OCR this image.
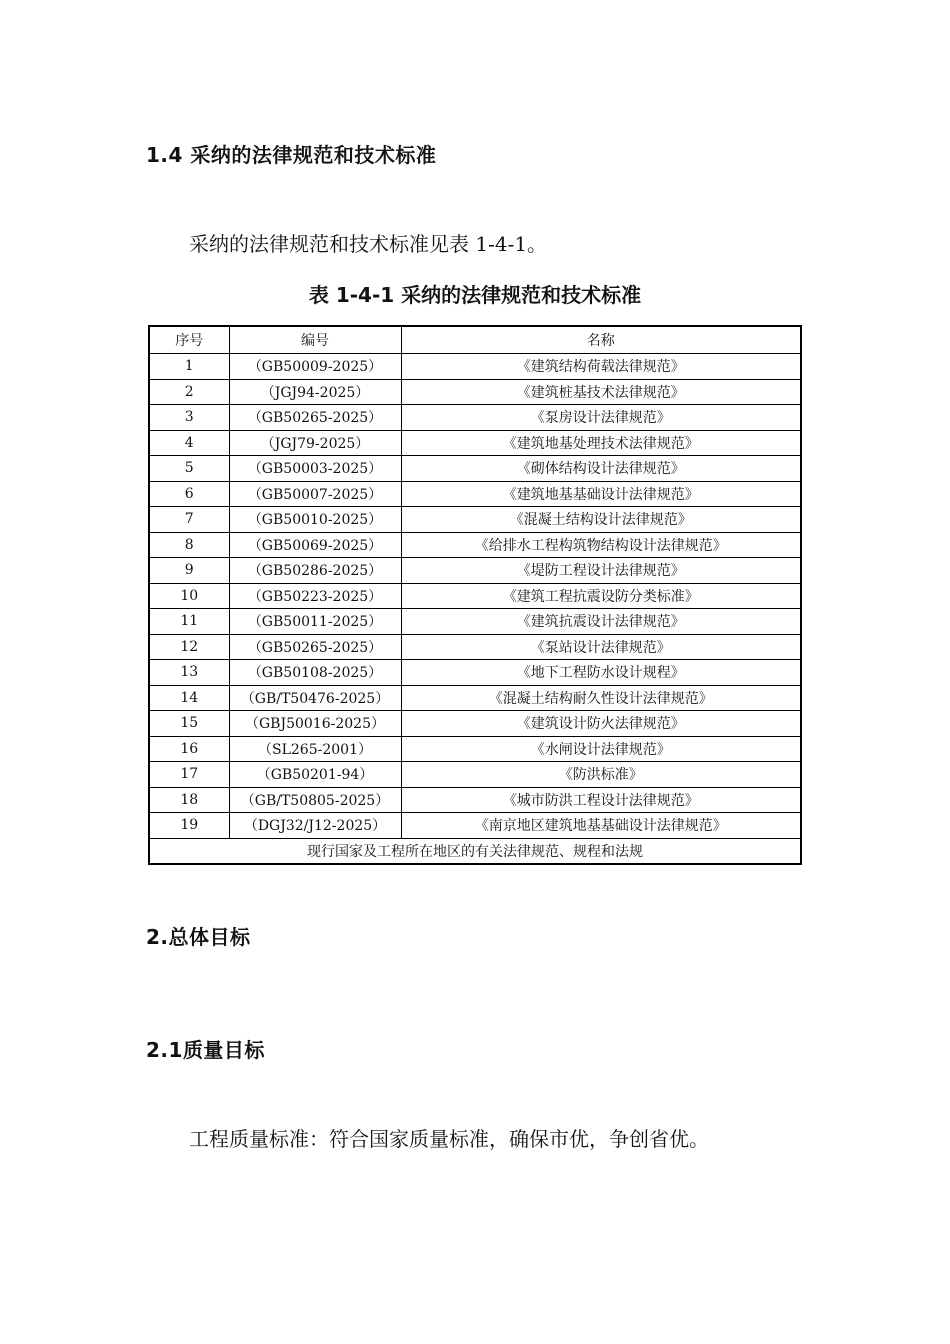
1.4 采纳的法律规范和技术标准
采纳的法律规范和技术标准见表 1-4-1。
表 1-4-1 采纳的法律规范和技术标准
序号	编号	名称
1	（GB50009-2025）	《建筑结构荷载法律规范》
2	（JGJ94-2025）	《建筑桩基技术法律规范》
3	（GB50265-2025）	《泵房设计法律规范》
4	（JGJ79-2025）	《建筑地基处理技术法律规范》
5	（GB50003-2025）	《砌体结构设计法律规范》
6	（GB50007-2025）	《建筑地基基础设计法律规范》
7	（GB50010-2025）	《混凝土结构设计法律规范》
8	（GB50069-2025）	《给排水工程构筑物结构设计法律规范》
9	（GB50286-2025）	《堤防工程设计法律规范》
10	（GB50223-2025）	《建筑工程抗震设防分类标准》
11	（GB50011-2025）	《建筑抗震设计法律规范》
12	（GB50265-2025）	《泵站设计法律规范》
13	（GB50108-2025）	《地下工程防水设计规程》
14	（GB/T50476-2025）	《混凝土结构耐久性设计法律规范》
15	（GBJ50016-2025）	《建筑设计防火法律规范》
16	（SL265-2001）	《水闸设计法律规范》
17	（GB50201-94）	《防洪标准》
18	（GB/T50805-2025）	《城市防洪工程设计法律规范》
19	（DGJ32/J12-2025）	《南京地区建筑地基基础设计法律规范》
现行国家及工程所在地区的有关法律规范、规程和法规		
2.总体目标
2.1质量目标
工程质量标准：符合国家质量标准，确保市优，争创省优。
